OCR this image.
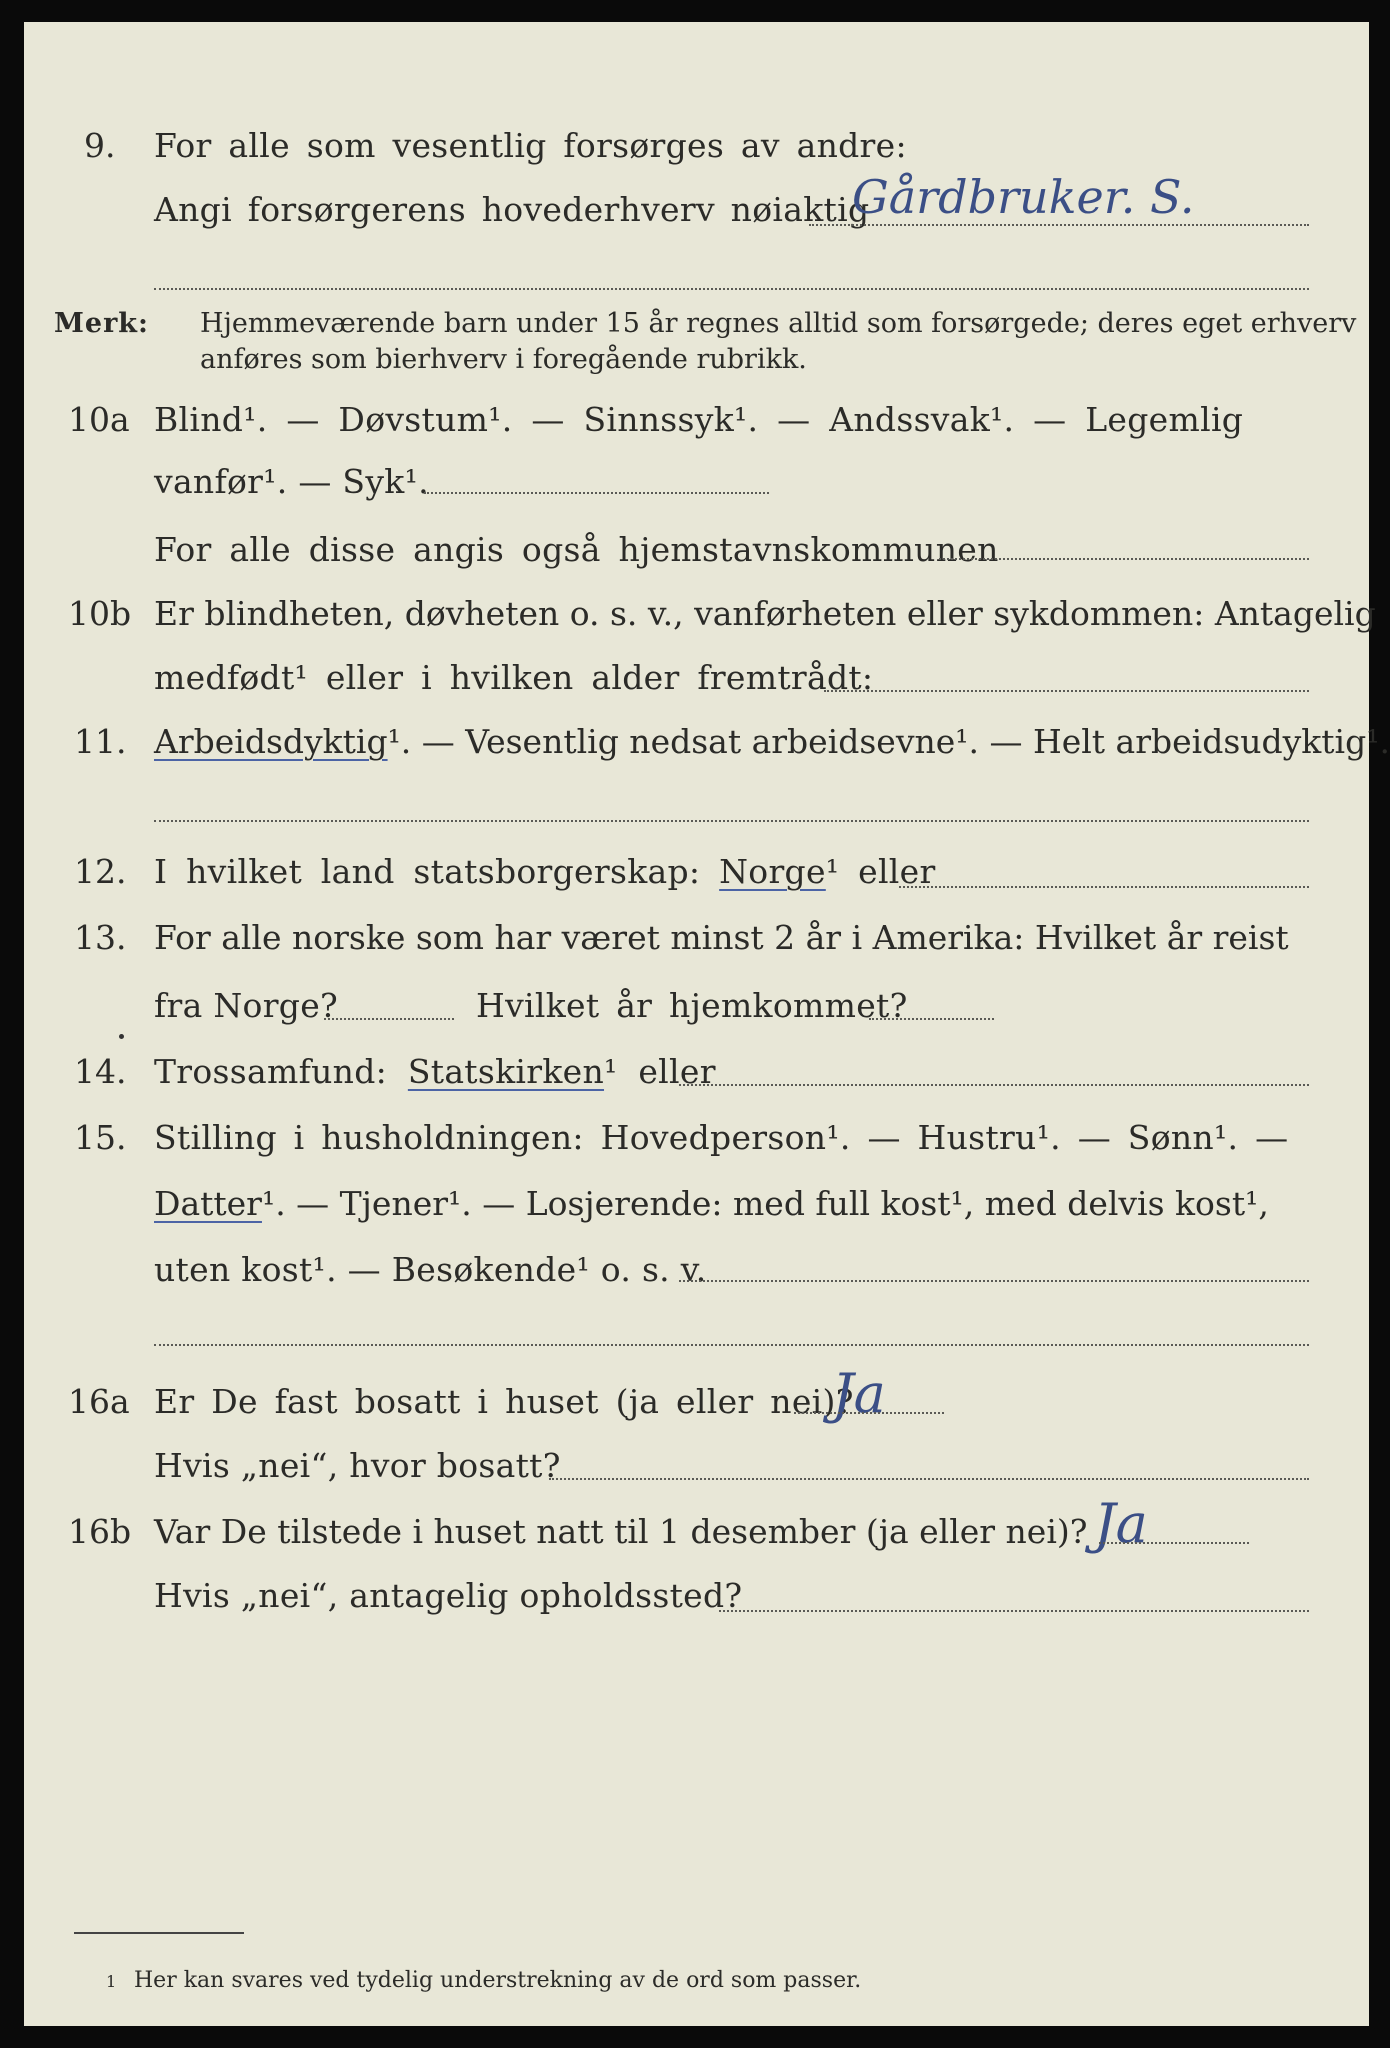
9. For alle som vesentlig forsørges av andre:
Angi forsørgerens hovederhverv nøiaktig
Gårdbruker. S.
Merk: Hjemmeværende barn under 15 år regnes alltid som forsørgede; deres eget erhverv
anføres som bierhverv i foregående rubrikk.
10a Blind¹. — Døvstum¹. — Sinnssyk¹. — Andssvak¹. — Legemlig
vanfør¹. — Syk¹.
For alle disse angis også hjemstavnskommunen
10b Er blindheten, døvheten o. s. v., vanførheten eller sykdommen: Antagelig
medfødt¹ eller i hvilken alder fremtrådt:
11. Arbeidsdyktig¹. — Vesentlig nedsat arbeidsevne¹. — Helt arbeidsudyktig¹.
12. I hvilket land statsborgerskap: Norge¹ eller
13. For alle norske som har været minst 2 år i Amerika: Hvilket år reist
fra Norge?	Hvilket år hjemkommet?
14. Trossamfund: Statskirken¹ eller
15. Stilling i husholdningen: Hovedperson¹. — Hustru¹. — Sønn¹. —
Datter¹. — Tjener¹. — Losjerende: med full kost¹, med delvis kost¹,
uten kost¹. — Besøkende¹ o. s. v.
16a Er De fast bosatt i huset (ja eller nei)?
Ja
Hvis „nei“, hvor bosatt?
16b Var De tilstede i huset natt til 1 desember (ja eller nei)? Ja
Hvis „nei“, antagelig opholdssted?
1 Her kan svares ved tydelig understrekning av de ord som passer.
